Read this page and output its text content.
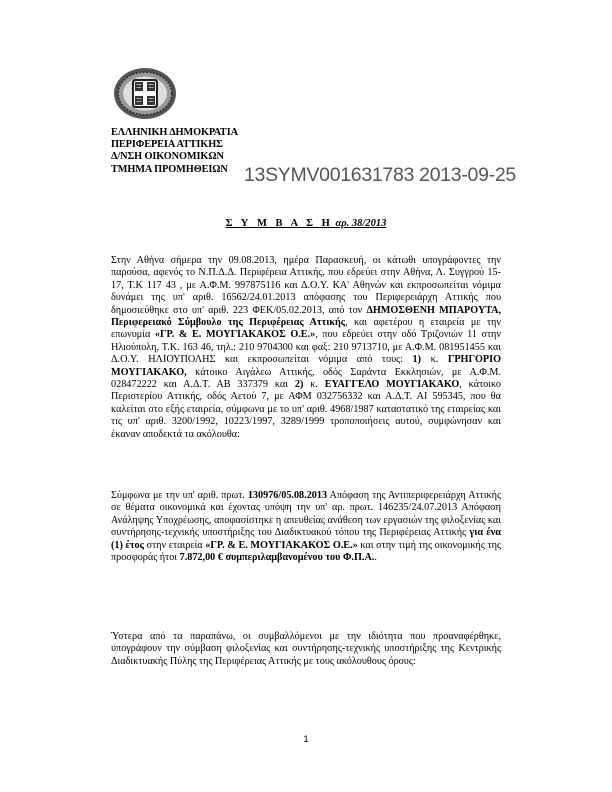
ΕΛΛΗΝΙΚΗ ΔΗΜΟΚΡΑΤΙΑ
ΠΕΡΙΦΕΡΕΙΑ ΑΤΤΙΚΗΣ
Δ/ΝΣΗ ΟΙΚΟΝΟΜΙΚΩΝ
ΤΜΗΜΑ ΠΡΟΜΗΘΕΙΩΝ 13SYMV001631783 2013-09-25
Σ Υ Μ Β Α Σ Η αρ. 38/2013
Στην Αθήνα σήμερα την 09.08.2013, ημέρα Παρασκευή, οι κάτωθι υπογράφοντες την παρούσα, αφενός το Ν.Π.Δ.Δ. Περιφέρεια Αττικής, που εδρεύει στην Αθήνα, Λ. Συγγρού 15-17, Τ.Κ 117 43 , με Α.Φ.Μ. 997875116 και Δ.Ο.Υ. ΚΑ' Αθηνών και εκπροσωπείται νόμιμα δυνάμει της υπ' αριθ. 16562/24.01.2013 απόφασης του Περιφερειάρχη Αττικής που δημοσιεύθηκε στο υπ' αριθ. 223 ΦΕΚ/05.02.2013, από τον ΔΗΜΟΣΘΕΝΗ ΜΠΑΡΟΥΤΑ, Περιφερειακό Σύμβουλο της Περιφέρειας Αττικής, και αφετέρου η εταιρεία με την επωνυμία «ΓΡ. & Ε. ΜΟΥΓΙΑΚΑΚΟΣ Ο.Ε.», που εδρεύει στην οδό Τριζονιών 11 στην Ηλιούπολη, Τ.Κ. 163 46, τηλ.: 210 9704300 και φαξ: 210 9713710, με Α.Φ.Μ. 081951455 και Δ.Ο.Υ. ΗΛΙΟΥΠΟΛΗΣ και εκπροσωπείται νόμιμα από τους: 1) κ. ΓΡΗΓΟΡΙΟ ΜΟΥΓΙΑΚΑΚΟ, κάτοικο Αιγάλεω Αττικής, οδός Σαράντα Εκκλησιών, με Α.Φ.Μ. 028472222 και Α.Δ.Τ. ΑΒ 337379 και 2) κ. ΕΥΑΓΓΕΛΟ ΜΟΥΓΙΑΚΑΚΟ, κάτοικο Περιστερίου Αττικής, οδός Αετού 7, με ΑΦΜ 032756332 και Α.Δ.Τ. ΑΙ 595345, που θα καλείται στο εξής εταιρεία, σύμφωνα με το υπ' αριθ. 4968/1987 καταστατικό της εταιρείας και τις υπ' αριθ. 3200/1992, 10223/1997, 3289/1999 τροποποιήσεις αυτού, συμφώνησαν και έκαναν αποδεκτά τα ακόλουθα:
Σύμφωνα με την υπ' αριθ. πρωτ. 130976/05.08.2013 Απόφαση της Αντιπεριφερειάρχη Αττικής σε θέματα οικονομικά και έχοντας υπόψη την υπ' αρ. πρωτ. 146235/24.07.2013 Απόφαση Ανάληψης Υποχρέωσης, αποφασίστηκε η απευθείας ανάθεση των εργασιών της φιλοξενίας και συντήρησης-τεχνικής υποστήριξης του Διαδικτυακού τόπου της Περιφέρειας Αττικής για ένα (1) έτος στην εταιρεία «ΓΡ. & Ε. ΜΟΥΓΙΑΚΑΚΟΣ Ο.Ε.» και στην τιμή της οικονομικής της προσφοράς ήτοι 7.872,00 € συμπεριλαμβανομένου του Φ.Π.Α..
Ύστερα από τα παραπάνω, οι συμβαλλόμενοι με την ιδιότητα που προαναφέρθηκε, υπογράφουν την σύμβαση φιλοξενίας και συντήρησης-τεχνικής υποστήριξης της Κεντρικής Διαδικτυακής Πύλης της Περιφέρειας Αττικής με τους ακόλουθους όρους:
1
